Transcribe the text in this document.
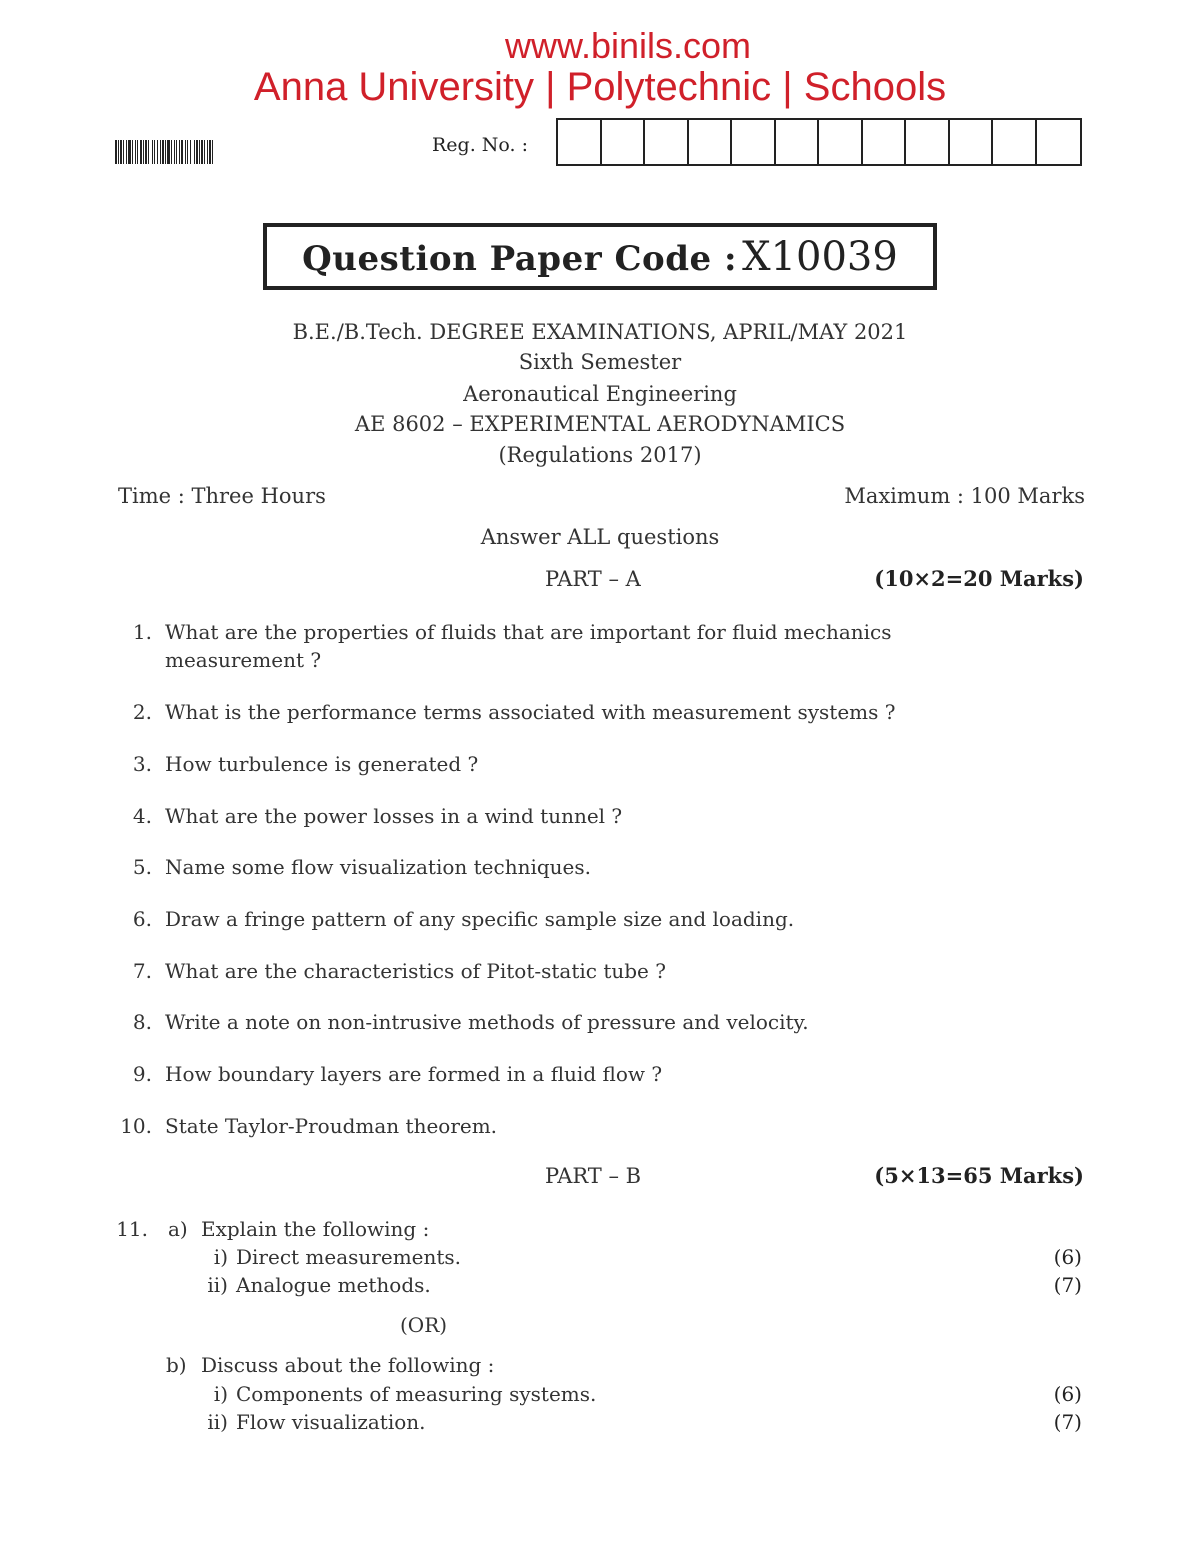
www.binils.com
Anna University | Polytechnic | Schools
Reg. No. :
Question Paper Code : X10039
B.E./B.Tech. DEGREE EXAMINATIONS, APRIL/MAY 2021
Sixth Semester
Aeronautical Engineering
AE 8602 – EXPERIMENTAL AERODYNAMICS
(Regulations 2017)
Time : Three Hours	Maximum : 100 Marks
Answer ALL questions
PART – A	(10×2=20 Marks)
1. What are the properties of fluids that are important for fluid mechanics
measurement ?
2. What is the performance terms associated with measurement systems ?
3. How turbulence is generated ?
4. What are the power losses in a wind tunnel ?
5. Name some flow visualization techniques.
6. Draw a fringe pattern of any specific sample size and loading.
7. What are the characteristics of Pitot-static tube ?
8. Write a note on non-intrusive methods of pressure and velocity.
9. How boundary layers are formed in a fluid flow ?
10. State Taylor-Proudman theorem.
PART – B	(5×13=65 Marks)
11. a) Explain the following :
i) Direct measurements.	(6)
ii) Analogue methods.	(7)
(OR)
b) Discuss about the following :
i) Components of measuring systems.	(6)
ii) Flow visualization.	(7)
